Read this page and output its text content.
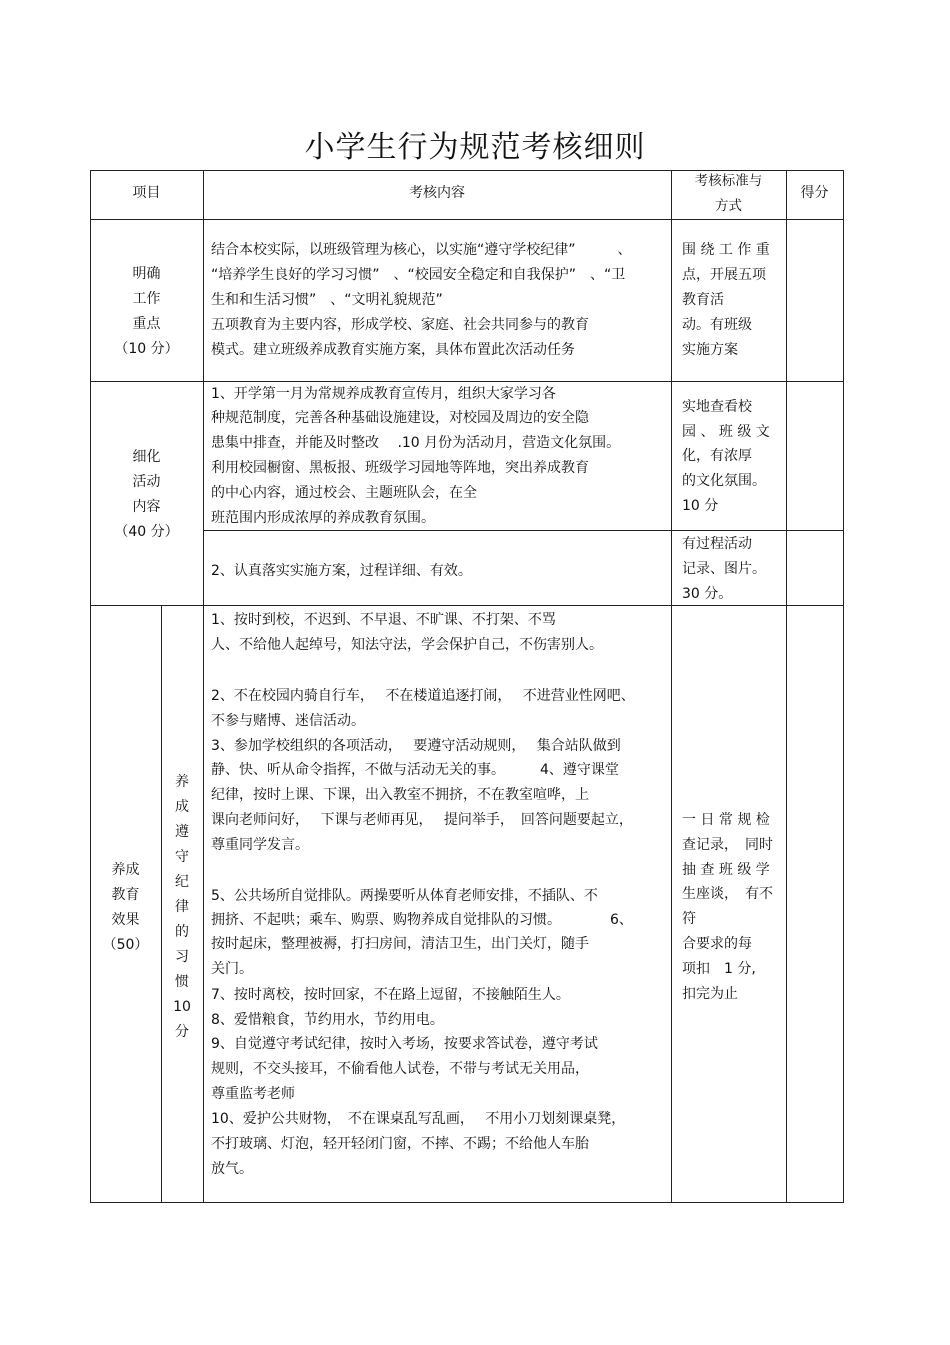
小学生行为规范考核细则
项目	考核内容
考核标准与
方式
得分
明确
工作
重点
（10 分）
结合本校实际，以班级管理为核心，以实施“遵守学校纪律”　　　、
“培养学生良好的学习习惯”　、“校园安全稳定和自我保护”　、“卫
生和和生活习惯”　、“文明礼貌规范”
五项教育为主要内容，形成学校、家庭、社会共同参与的教育
模式。建立班级养成教育实施方案，具体布置此次活动任务
围 绕 工 作 重
点，开展五项
教育活
动。有班级
实施方案
细化
活动
内容
（40 分）
1、开学第一月为常规养成教育宣传月，组织大家学习各
种规范制度，完善各种基础设施建设，对校园及周边的安全隐
患集中排查，并能及时整改　 .10 月份为活动月，营造文化氛围。
利用校园橱窗、黑板报、班级学习园地等阵地，突出养成教育
的中心内容，通过校会、主题班队会，在全
班范围内形成浓厚的养成教育氛围。
实地查看校
园 、 班 级 文
化，有浓厚
的文化氛围。
10 分
2、认真落实实施方案，过程详细、有效。
有过程活动
记录、图片。
30 分。
养成
教育
效果
（50）
养
成
遵
守
纪
律
的
习
惯
10
分
1、按时到校，不迟到、不早退、不旷课、不打架、不骂
人、不给他人起绰号，知法守法，学会保护自己，不伤害别人。
2、不在校园内骑自行车，　 不在楼道追逐打闹，　 不进营业性网吧、
不参与赌博、迷信活动。
3、参加学校组织的各项活动，　 要遵守活动规则，　 集合站队做到
静、快、听从命令指挥，不做与活动无关的事。　　　4、遵守课堂
纪律，按时上课、下课，出入教室不拥挤，不在教室喧哗，上
课向老师问好，　 下课与老师再见，　 提问举手，　回答问题要起立，
尊重同学发言。
5、公共场所自觉排队。两操要听从体育老师安排，不插队、不
拥挤、不起哄；乘车、购票、购物养成自觉排队的习惯。　　　　6、
按时起床，整理被褥，打扫房间，清洁卫生，出门关灯，随手
关门。
7、按时离校，按时回家，不在路上逗留，不接触陌生人。
8、爱惜粮食，节约用水，节约用电。
9、自觉遵守考试纪律，按时入考场，按要求答试卷，遵守考试
规则，不交头接耳，不偷看他人试卷，不带与考试无关用品，
尊重监考老师
10、爱护公共财物，　不在课桌乱写乱画，　 不用小刀划刻课桌凳，
不打玻璃、灯泡，轻开轻闭门窗，不摔、不踢；不给他人车胎
放气。
一 日 常 规 检
查记录，　同时
抽 查 班 级 学
生座谈，　有不
符
合要求的每
项扣　1 分,
扣完为止
